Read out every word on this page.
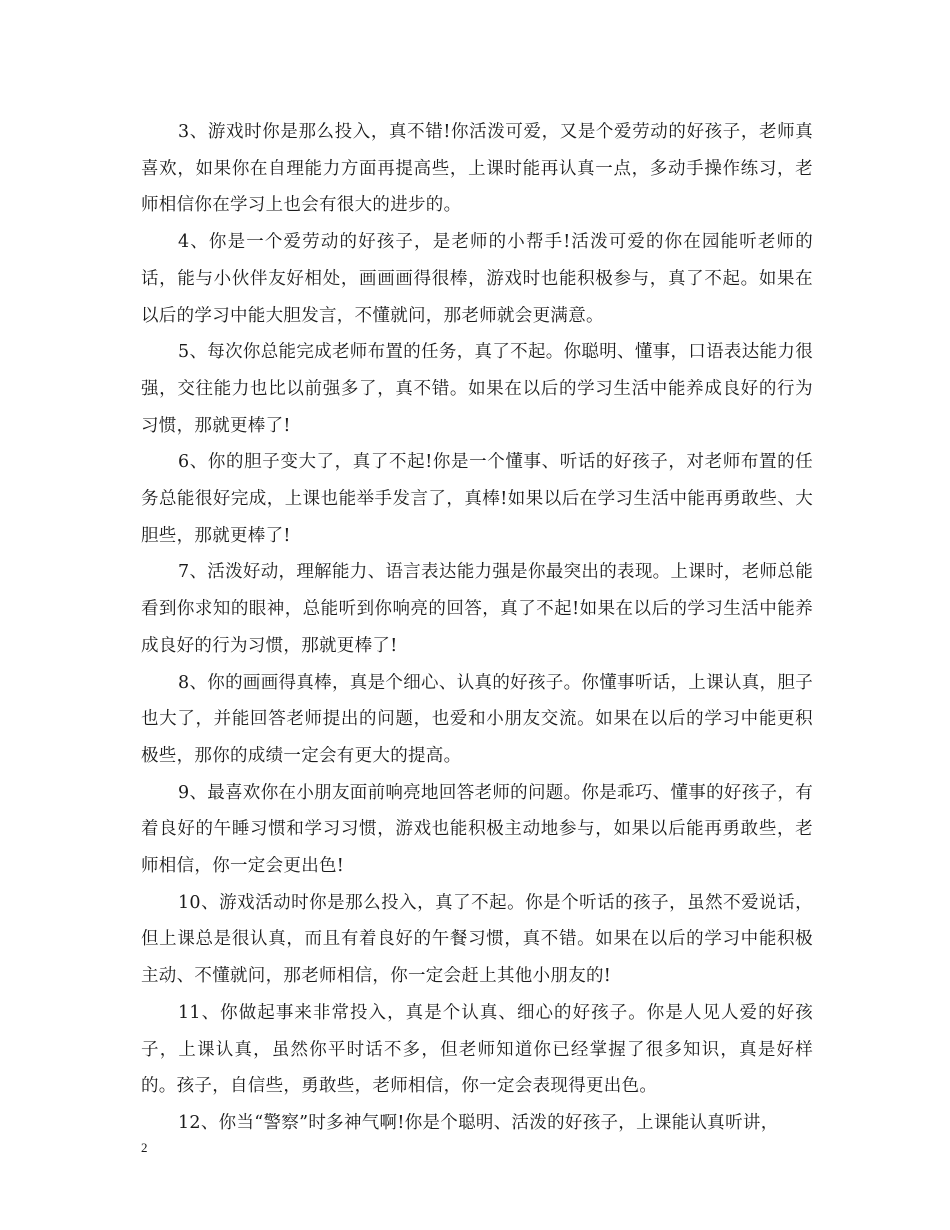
3、游戏时你是那么投入，真不错!你活泼可爱，又是个爱劳动的好孩子，老师真喜欢，如果你在自理能力方面再提高些，上课时能再认真一点，多动手操作练习，老师相信你在学习上也会有很大的进步的。

4、你是一个爱劳动的好孩子，是老师的小帮手!活泼可爱的你在园能听老师的话，能与小伙伴友好相处，画画画得很棒，游戏时也能积极参与，真了不起。如果在以后的学习中能大胆发言，不懂就问，那老师就会更满意。

5、每次你总能完成老师布置的任务，真了不起。你聪明、懂事，口语表达能力很强，交往能力也比以前强多了，真不错。如果在以后的学习生活中能养成良好的行为习惯，那就更棒了!

6、你的胆子变大了，真了不起!你是一个懂事、听话的好孩子，对老师布置的任务总能很好完成，上课也能举手发言了，真棒!如果以后在学习生活中能再勇敢些、大胆些，那就更棒了!

7、活泼好动，理解能力、语言表达能力强是你最突出的表现。上课时，老师总能看到你求知的眼神，总能听到你响亮的回答，真了不起!如果在以后的学习生活中能养成良好的行为习惯，那就更棒了!

8、你的画画得真棒，真是个细心、认真的好孩子。你懂事听话，上课认真，胆子也大了，并能回答老师提出的问题，也爱和小朋友交流。如果在以后的学习中能更积极些，那你的成绩一定会有更大的提高。

9、最喜欢你在小朋友面前响亮地回答老师的问题。你是乖巧、懂事的好孩子，有着良好的午睡习惯和学习习惯，游戏也能积极主动地参与，如果以后能再勇敢些，老师相信，你一定会更出色!

10、游戏活动时你是那么投入，真了不起。你是个听话的孩子，虽然不爱说话，但上课总是很认真，而且有着良好的午餐习惯，真不错。如果在以后的学习中能积极主动、不懂就问，那老师相信，你一定会赶上其他小朋友的!

11、你做起事来非常投入，真是个认真、细心的好孩子。你是人见人爱的好孩子，上课认真，虽然你平时话不多，但老师知道你已经掌握了很多知识，真是好样的。孩子，自信些，勇敢些，老师相信，你一定会表现得更出色。

12、你当“警察”时多神气啊!你是个聪明、活泼的好孩子，上课能认真听讲，

2
